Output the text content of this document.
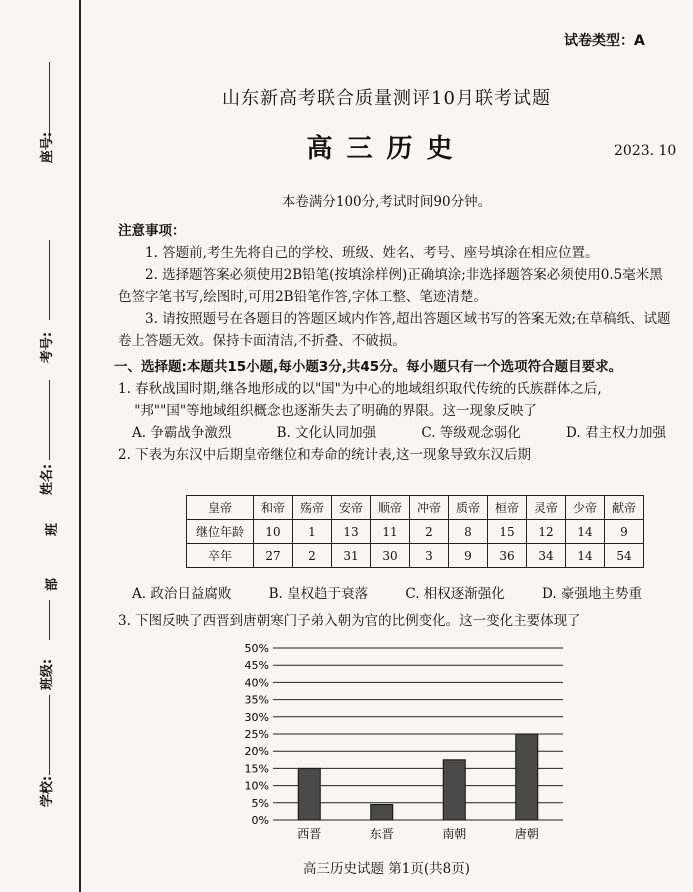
座号:
考号:
姓名:
班
部
班级:
学校:
试卷类型：A
山东新高考联合质量测评10月联考试题
高三历史	2023. 10
本卷满分100分,考试时间90分钟。
注意事项：
1. 答题前,考生先将自己的学校、班级、姓名、考号、座号填涂在相应位置。
2. 选择题答案必须使用2B铅笔(按填涂样例)正确填涂;非选择题答案必须使用0.5毫米黑色签字笔书写,绘图时,可用2B铅笔作答,字体工整、笔迹清楚。
3. 请按照题号在各题目的答题区域内作答,超出答题区域书写的答案无效;在草稿纸、试题卷上答题无效。保持卡面清洁,不折叠、不破损。
一、选择题:本题共15小题,每小题3分,共45分。每小题只有一个选项符合题目要求。
1. 春秋战国时期,继各地形成的以"国"为中心的地域组织取代传统的氏族群体之后,
"邦""国"等地域组织概念也逐渐失去了明确的界限。这一现象反映了
A. 争霸战争激烈	B. 文化认同加强	C. 等级观念弱化	D. 君主权力加强
2. 下表为东汉中后期皇帝继位和寿命的统计表,这一现象导致东汉后期
皇帝	和帝	殇帝	安帝	顺帝	冲帝	质帝	桓帝	灵帝	少帝	献帝
继位年龄	10	1	13	11	2	8	15	12	14	9
卒年	27	2	31	30	3	9	36	34	14	54
A. 政治日益腐败	B. 皇权趋于衰落	C. 相权逐渐强化	D. 豪强地主势重
3. 下图反映了西晋到唐朝寒门子弟入朝为官的比例变化。这一变化主要体现了
0%
5%
10%
15%
20%
25%
30%
35%
40%
45%
50%
西晋	东晋	南朝	唐朝
高三历史试题 第1页(共8页)
